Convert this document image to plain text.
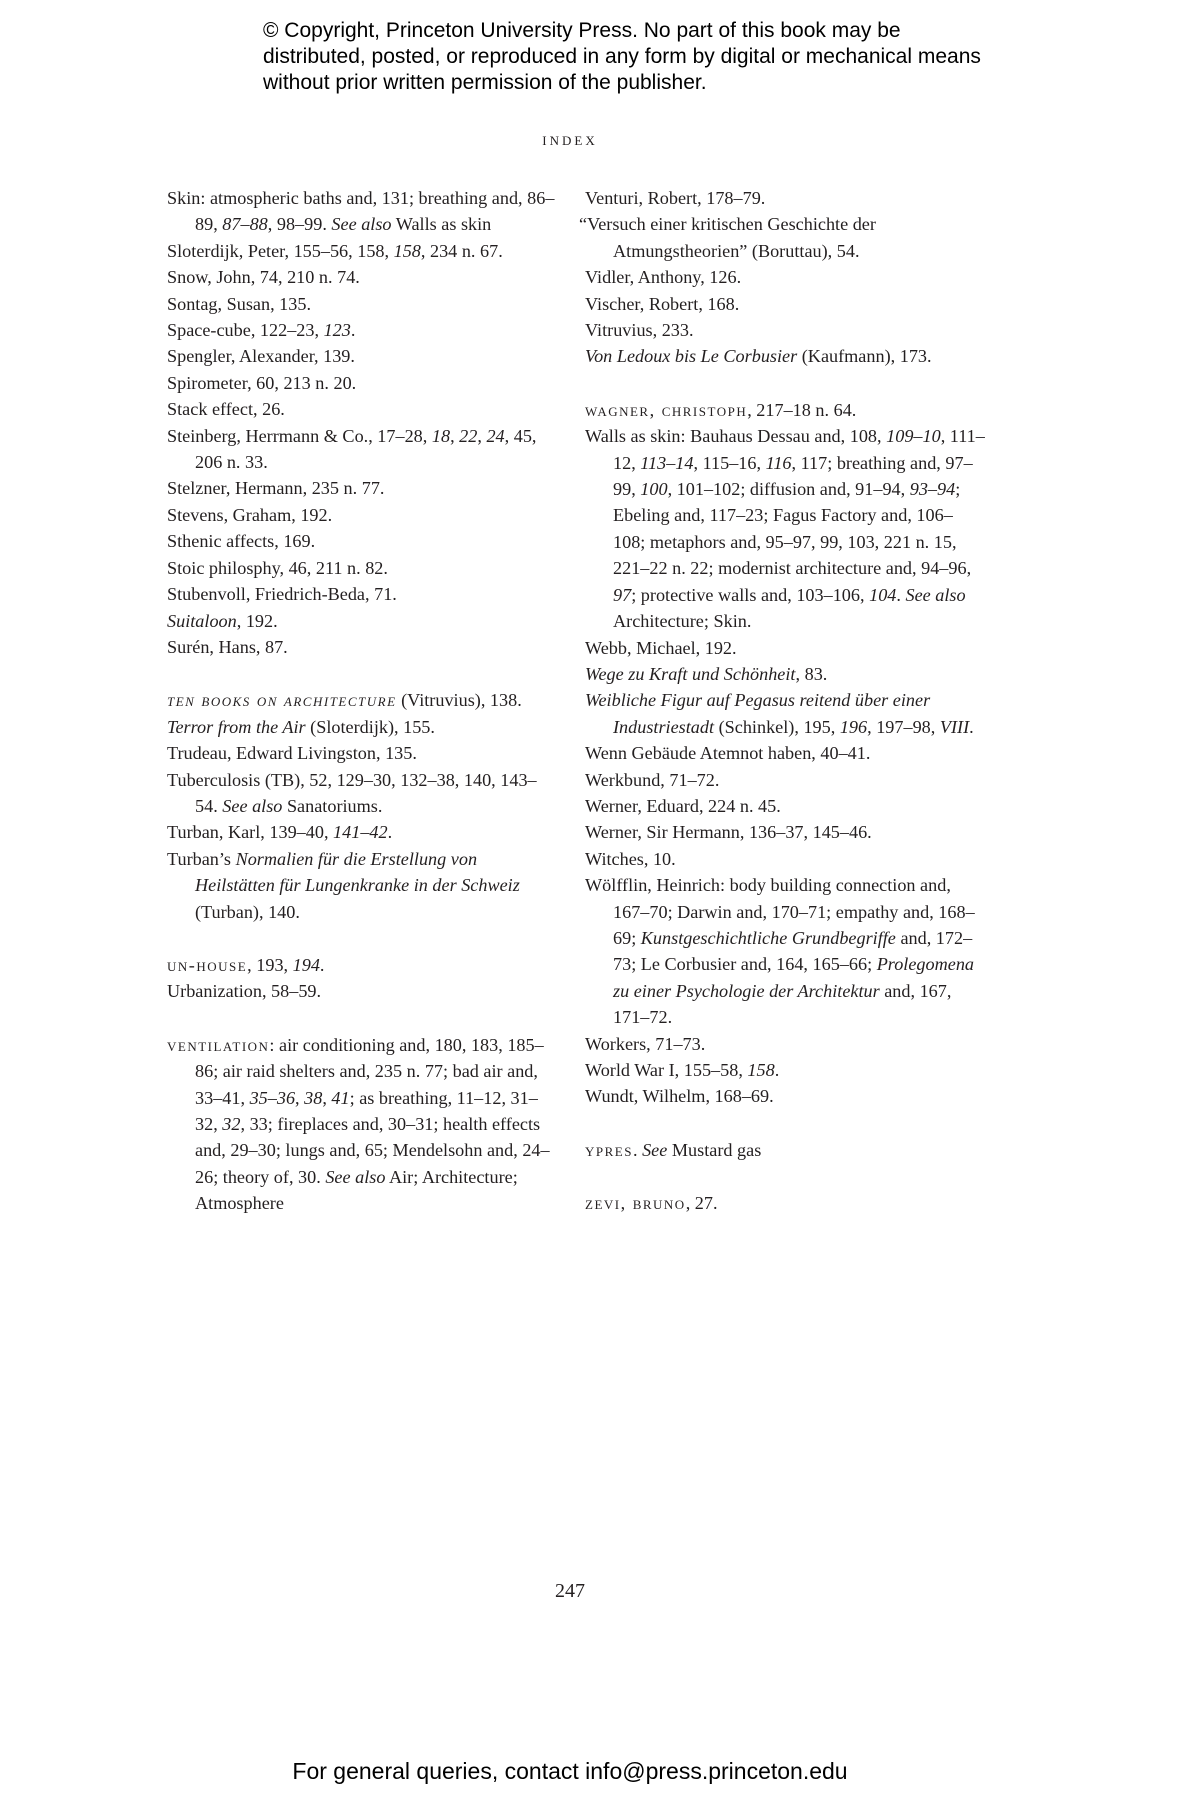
© Copyright, Princeton University Press. No part of this book may be distributed, posted, or reproduced in any form by digital or mechanical means without prior written permission of the publisher.
INDEX
Skin: atmospheric baths and, 131; breathing and, 86–89, 87–88, 98–99. See also Walls as skin
Sloterdijk, Peter, 155–56, 158, 158, 234 n. 67.
Snow, John, 74, 210 n. 74.
Sontag, Susan, 135.
Space-cube, 122–23, 123.
Spengler, Alexander, 139.
Spirometer, 60, 213 n. 20.
Stack effect, 26.
Steinberg, Herrmann & Co., 17–28, 18, 22, 24, 45, 206 n. 33.
Stelzner, Hermann, 235 n. 77.
Stevens, Graham, 192.
Sthenic affects, 169.
Stoic philosphy, 46, 211 n. 82.
Stubenvoll, Friedrich-Beda, 71.
Suitaloon, 192.
Surén, Hans, 87.
ten books on architecture (Vitruvius), 138.
Terror from the Air (Sloterdijk), 155.
Trudeau, Edward Livingston, 135.
Tuberculosis (TB), 52, 129–30, 132–38, 140, 143–54. See also Sanatoriums.
Turban, Karl, 139–40, 141–42.
Turban’s Normalien für die Erstellung von Heilstätten für Lungenkranke in der Schweiz (Turban), 140.
un-house, 193, 194.
Urbanization, 58–59.
ventilation: air conditioning and, 180, 183, 185–86; air raid shelters and, 235 n. 77; bad air and, 33–41, 35–36, 38, 41; as breathing, 11–12, 31–32, 32, 33; fireplaces and, 30–31; health effects and, 29–30; lungs and, 65; Mendelsohn and, 24–26; theory of, 30. See also Air; Architecture; Atmosphere
Venturi, Robert, 178–79.
“Versuch einer kritischen Geschichte der Atmungstheorien” (Boruttau), 54.
Vidler, Anthony, 126.
Vischer, Robert, 168.
Vitruvius, 233.
Von Ledoux bis Le Corbusier (Kaufmann), 173.
wagner, christoph, 217–18 n. 64.
Walls as skin: Bauhaus Dessau and, 108, 109–10, 111–12, 113–14, 115–16, 116, 117; breathing and, 97–99, 100, 101–102; diffusion and, 91–94, 93–94; Ebeling and, 117–23; Fagus Factory and, 106–108; metaphors and, 95–97, 99, 103, 221 n. 15, 221–22 n. 22; modernist architecture and, 94–96, 97; protective walls and, 103–106, 104. See also Architecture; Skin.
Webb, Michael, 192.
Wege zu Kraft und Schönheit, 83.
Weibliche Figur auf Pegasus reitend über einer Industriestadt (Schinkel), 195, 196, 197–98, VIII.
Wenn Gebäude Atemnot haben, 40–41.
Werkbund, 71–72.
Werner, Eduard, 224 n. 45.
Werner, Sir Hermann, 136–37, 145–46.
Witches, 10.
Wölfflin, Heinrich: body building connection and, 167–70; Darwin and, 170–71; empathy and, 168–69; Kunstgeschichtliche Grundbegriffe and, 172–73; Le Corbusier and, 164, 165–66; Prolegomena zu einer Psychologie der Architektur and, 167, 171–72.
Workers, 71–73.
World War I, 155–58, 158.
Wundt, Wilhelm, 168–69.
ypres. See Mustard gas
zevi, bruno, 27.
247
For general queries, contact info@press.princeton.edu
